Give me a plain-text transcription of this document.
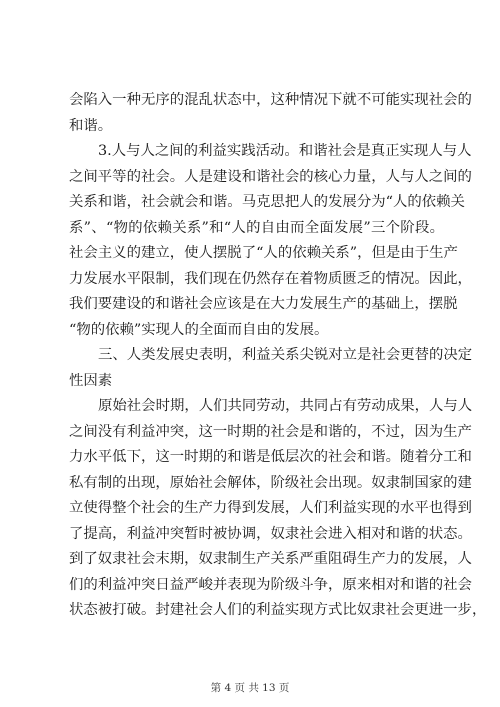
会陷入一种无序的混乱状态中，这种情况下就不可能实现社会的
和谐。
3.人与人之间的利益实践活动。和谐社会是真正实现人与人
之间平等的社会。人是建设和谐社会的核心力量，人与人之间的
关系和谐，社会就会和谐。马克思把人的发展分为“人的依赖关
系”、“物的依赖关系”和“人的自由而全面发展”三个阶段。
社会主义的建立，使人摆脱了“人的依赖关系”，但是由于生产
力发展水平限制，我们现在仍然存在着物质匮乏的情况。因此，
我们要建设的和谐社会应该是在大力发展生产的基础上，摆脱
“物的依赖”实现人的全面而自由的发展。
三、人类发展史表明，利益关系尖锐对立是社会更替的决定
性因素
原始社会时期，人们共同劳动，共同占有劳动成果，人与人
之间没有利益冲突，这一时期的社会是和谐的，不过，因为生产
力水平低下，这一时期的和谐是低层次的社会和谐。随着分工和
私有制的出现，原始社会解体，阶级社会出现。奴隶制国家的建
立使得整个社会的生产力得到发展，人们利益实现的水平也得到
了提高，利益冲突暂时被协调，奴隶社会进入相对和谐的状态。
到了奴隶社会末期，奴隶制生产关系严重阻碍生产力的发展，人
们的利益冲突日益严峻并表现为阶级斗争，原来相对和谐的社会
状态被打破。封建社会人们的利益实现方式比奴隶社会更进一步，
第 4 页 共 13 页
